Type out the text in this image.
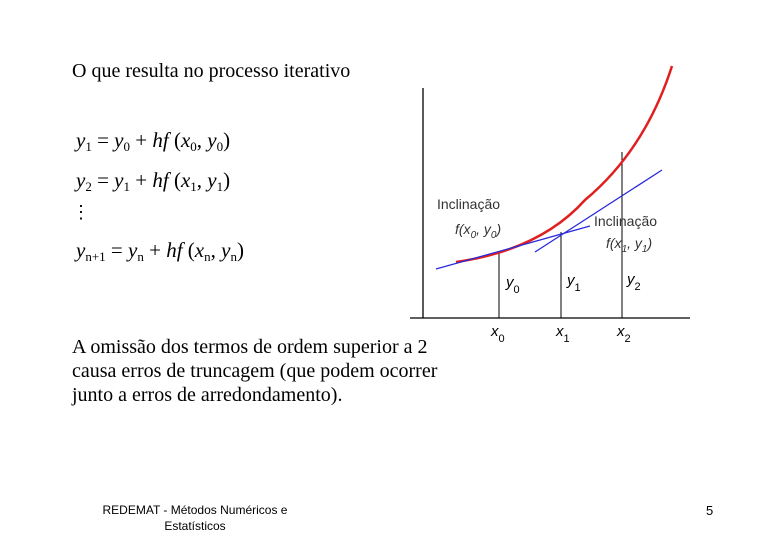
O que resulta no processo iterativo
$y_1 = y_0$ + hf ($x_0$, $y_0$)
$y_2 = y_1$ + hf ($x_1$, $y_1$)
⋮
$y_{n+1} = y_n$ + hf ($x_n$, $y_n$)
A omissão dos termos de ordem superior a 2 causa erros de truncagem (que podem ocorrer junto a erros de arredondamento).
Inclinação
$f(x_0$, $y_0$)	Inclinação
$f(x_1$, $y_1$)
$y_0$
$y_1$	$y_2$
$x_0$	$x_1$	$x_2$
REDEMAT - Métodos Numéricos e Estatísticos
5
